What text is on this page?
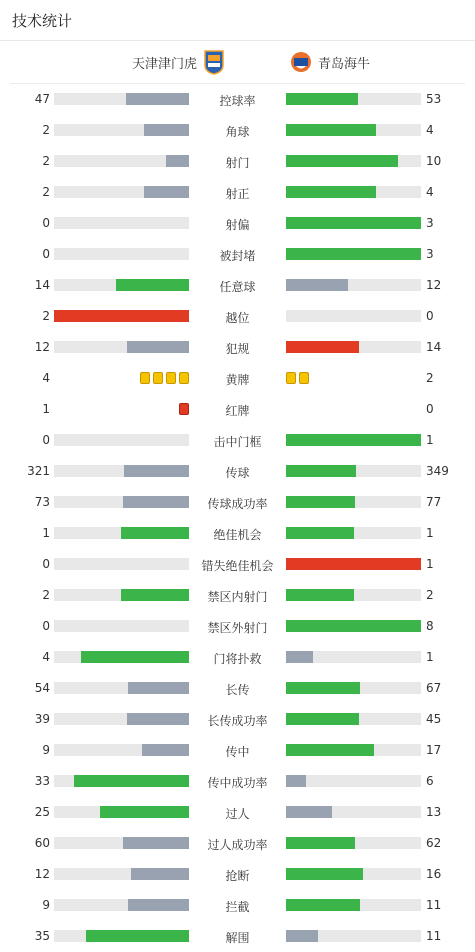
技术统计
天津津门虎	青岛海牛
47	控球率	53
2	角球	4
2	射门	10
2	射正	4
0	射偏	3
0	被封堵	3
14	任意球	12
2	越位	0
12	犯规	14
4	黄牌	2
1	红牌	0
0	击中门框	1
321	传球	349
73	传球成功率	77
1	绝佳机会	1
0	错失绝佳机会	1
2	禁区内射门	2
0	禁区外射门	8
4	门将扑救	1
54	长传	67
39	长传成功率	45
9	传中	17
33	传中成功率	6
25	过人	13
60	过人成功率	62
12	抢断	16
9	拦截	11
35	解围	11
